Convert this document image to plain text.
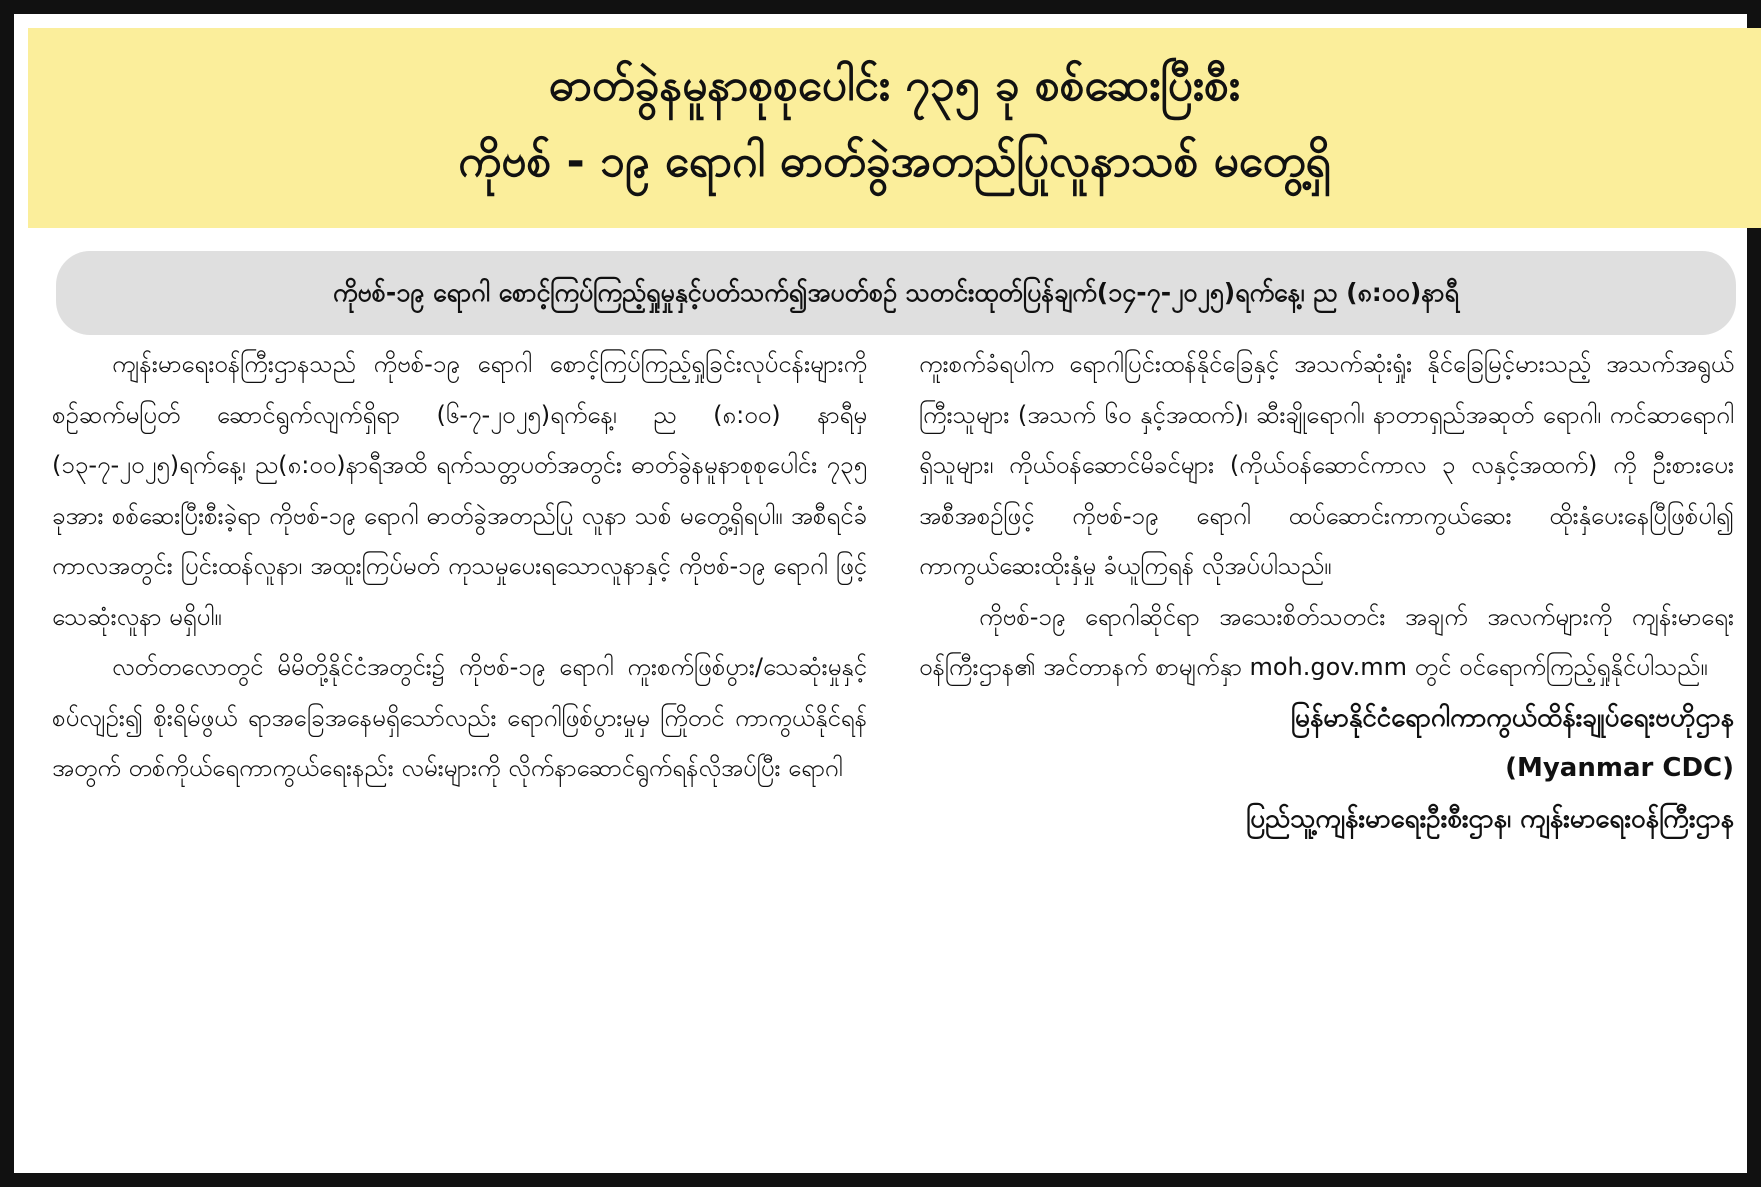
ဓာတ်ခွဲနမူနာစုစုပေါင်း ၇၃၅ ခု စစ်ဆေးပြီးစီး
ကိုဗစ် - ၁၉ ရောဂါ ဓာတ်ခွဲအတည်ပြုလူနာသစ် မတွေ့ရှိ
ကိုဗစ်-၁၉ ရောဂါ စောင့်ကြပ်ကြည့်ရှုမှုနှင့်ပတ်သက်၍အပတ်စဉ် သတင်းထုတ်ပြန်ချက်(၁၄-၇-၂၀၂၅)ရက်နေ့၊ ည (၈:၀၀)နာရီ

ကျန်းမာရေးဝန်ကြီးဌာနသည် ကိုဗစ်-၁၉ ရောဂါ စောင့်ကြပ်ကြည့်ရှုခြင်းလုပ်ငန်းများကို စဉ်ဆက်မပြတ် ဆောင်ရွက်လျက်ရှိရာ (၆-၇-၂၀၂၅)ရက်နေ့၊ ည (၈:၀၀) နာရီမှ (၁၃-၇-၂၀၂၅)ရက်နေ့၊ ည(၈:၀၀)နာရီအထိ ရက်သတ္တပတ်အတွင်း ဓာတ်ခွဲနမူနာစုစုပေါင်း ၇၃၅ ခုအား စစ်ဆေးပြီးစီးခဲ့ရာ ကိုဗစ်-၁၉ ရောဂါ ဓာတ်ခွဲအတည်ပြု လူနာ သစ် မတွေ့ရှိရပါ။ အစီရင်ခံကာလအတွင်း ပြင်းထန်လူနာ၊ အထူးကြပ်မတ် ကုသမှုပေးရသောလူနာနှင့် ကိုဗစ်-၁၉ ရောဂါ ဖြင့် သေဆုံးလူနာ မရှိပါ။

လတ်တလောတွင် မိမိတို့နိုင်ငံအတွင်း၌ ကိုဗစ်-၁၉ ရောဂါ ကူးစက်ဖြစ်ပွား/သေဆုံးမှုနှင့် စပ်လျဉ်း၍ စိုးရိမ်ဖွယ် ရာအခြေအနေမရှိသော်လည်း ရောဂါဖြစ်ပွားမှုမှ ကြိုတင် ကာကွယ်နိုင်ရန်အတွက် တစ်ကိုယ်ရေကာကွယ်ရေးနည်း လမ်းများကို လိုက်နာဆောင်ရွက်ရန်လိုအပ်ပြီး ရောဂါ

ကူးစက်ခံရပါက ရောဂါပြင်းထန်နိုင်ခြေနှင့် အသက်ဆုံးရှုံး နိုင်ခြေမြင့်မားသည့် အသက်အရွယ်ကြီးသူများ (အသက် ၆၀ နှင့်အထက်)၊ ဆီးချိုရောဂါ၊ နာတာရှည်အဆုတ် ရောဂါ၊ ကင်ဆာရောဂါရှိသူများ၊ ကိုယ်ဝန်ဆောင်မိခင်များ (ကိုယ်ဝန်ဆောင်ကာလ ၃ လနှင့်အထက်) ကို ဦးစားပေး အစီအစဉ်ဖြင့် ကိုဗစ်-၁၉ ရောဂါ ထပ်ဆောင်းကာကွယ်ဆေး ထိုးနှံပေးနေပြီဖြစ်ပါ၍ ကာကွယ်ဆေးထိုးနှံမှု ခံယူကြရန် လိုအပ်ပါသည်။

ကိုဗစ်-၁၉ ရောဂါဆိုင်ရာ အသေးစိတ်သတင်း အချက် အလက်များကို ကျန်းမာရေးဝန်ကြီးဌာန၏ အင်တာနက် စာမျက်နှာ moh.gov.mm တွင် ဝင်ရောက်ကြည့်ရှုနိုင်ပါသည်။

မြန်မာနိုင်ငံရောဂါကာကွယ်ထိန်းချုပ်ရေးဗဟိုဌာန

(Myanmar CDC)

ပြည်သူ့ကျန်းမာရေးဦးစီးဌာန၊ ကျန်းမာရေးဝန်ကြီးဌာန
